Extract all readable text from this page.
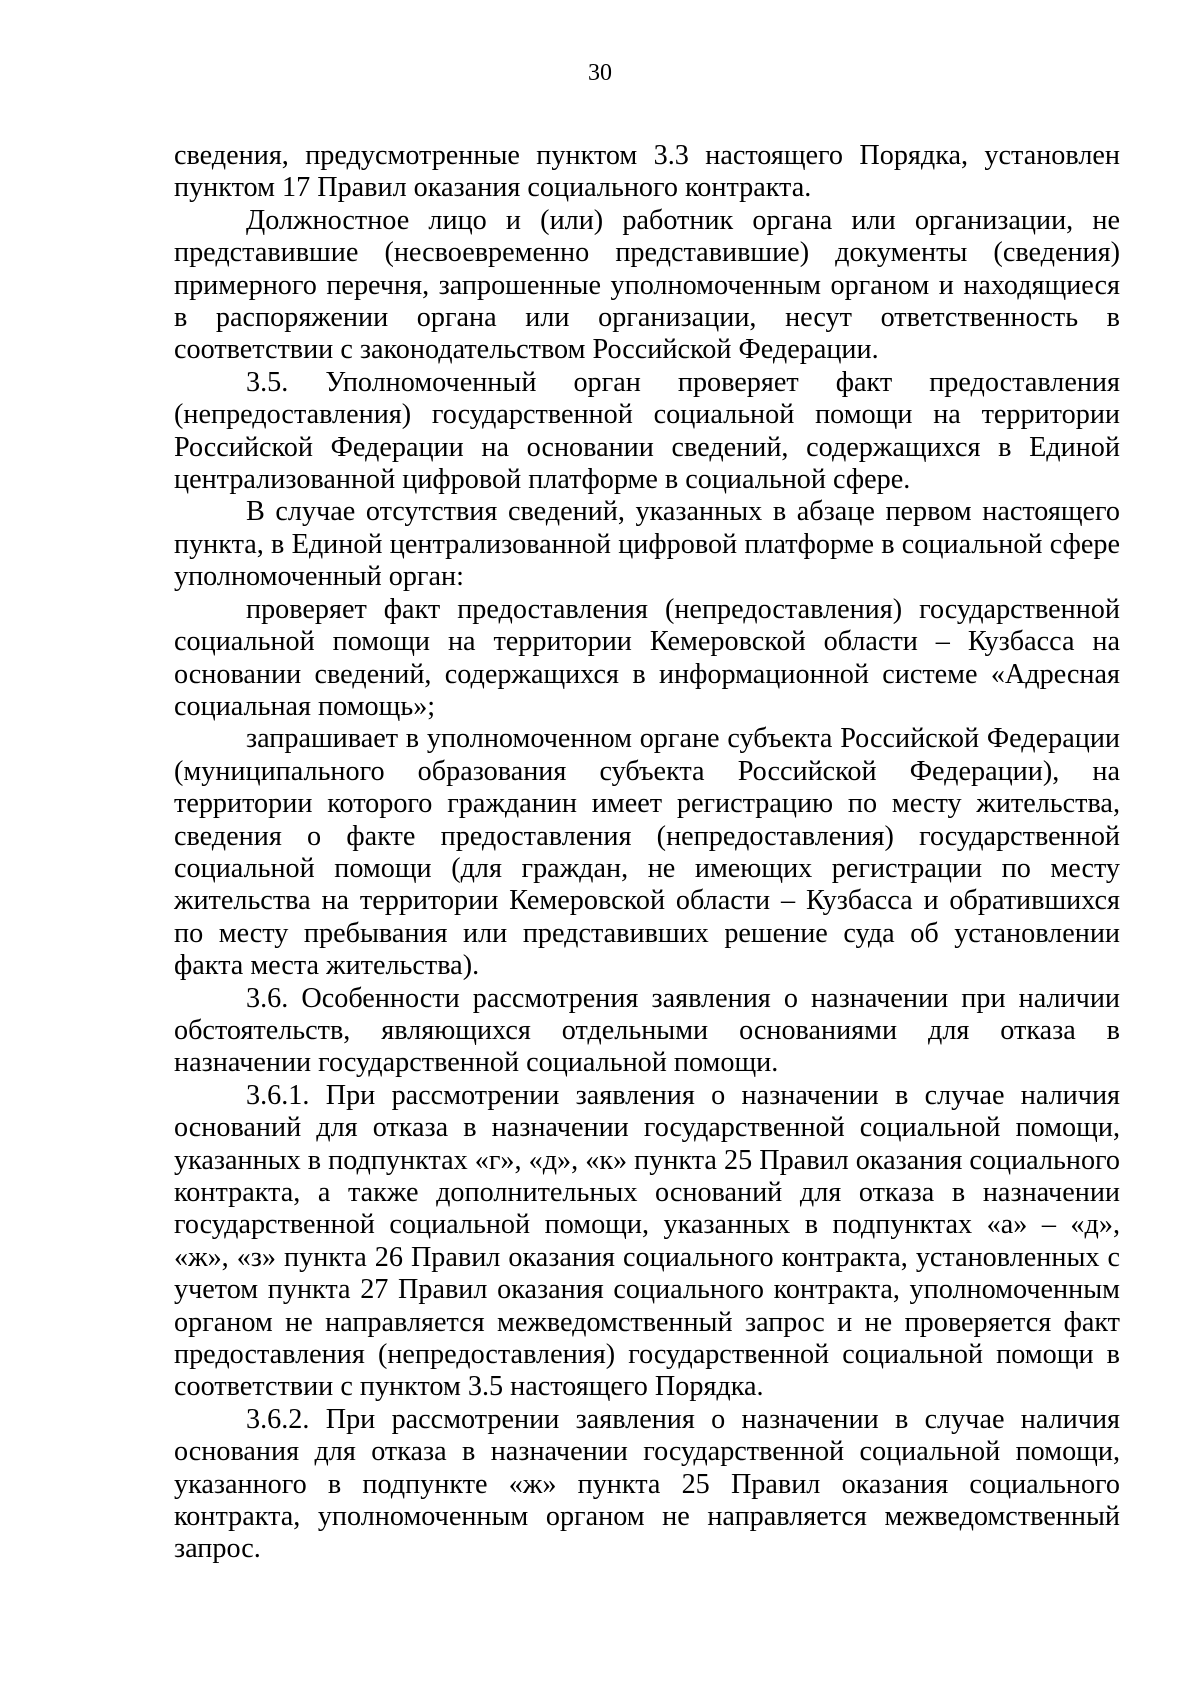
30

сведения, предусмотренные пунктом 3.3 настоящего Порядка, установлен пунктом 17 Правил оказания социального контракта.

Должностное лицо и (или) работник органа или организации, не представившие (несвоевременно представившие) документы (сведения) примерного перечня, запрошенные уполномоченным органом и находящиеся в распоряжении органа или организации, несут ответственность в соответствии с законодательством Российской Федерации.

3.5. Уполномоченный орган проверяет факт предоставления (непредоставления) государственной социальной помощи на территории Российской Федерации на основании сведений, содержащихся в Единой централизованной цифровой платформе в социальной сфере.

В случае отсутствия сведений, указанных в абзаце первом настоящего пункта, в Единой централизованной цифровой платформе в социальной сфере уполномоченный орган:

проверяет факт предоставления (непредоставления) государственной социальной помощи на территории Кемеровской области – Кузбасса на основании сведений, содержащихся в информационной системе «Адресная социальная помощь»;

запрашивает в уполномоченном органе субъекта Российской Федерации (муниципального образования субъекта Российской Федерации), на территории которого гражданин имеет регистрацию по месту жительства, сведения о факте предоставления (непредоставления) государственной социальной помощи (для граждан, не имеющих регистрации по месту жительства на территории Кемеровской области – Кузбасса и обратившихся по месту пребывания или представивших решение суда об установлении факта места жительства).

3.6. Особенности рассмотрения заявления о назначении при наличии обстоятельств, являющихся отдельными основаниями для отказа в назначении государственной социальной помощи.

3.6.1. При рассмотрении заявления о назначении в случае наличия оснований для отказа в назначении государственной социальной помощи, указанных в подпунктах «г», «д», «к» пункта 25 Правил оказания социального контракта, а также дополнительных оснований для отказа в назначении государственной социальной помощи, указанных в подпунктах «а» – «д», «ж», «з» пункта 26 Правил оказания социального контракта, установленных с учетом пункта 27 Правил оказания социального контракта, уполномоченным органом не направляется межведомственный запрос и не проверяется факт предоставления (непредоставления) государственной социальной помощи в соответствии с пунктом 3.5 настоящего Порядка.

3.6.2. При рассмотрении заявления о назначении в случае наличия основания для отказа в назначении государственной социальной помощи, указанного в подпункте «ж» пункта 25 Правил оказания социального контракта, уполномоченным органом не направляется межведомственный запрос.
